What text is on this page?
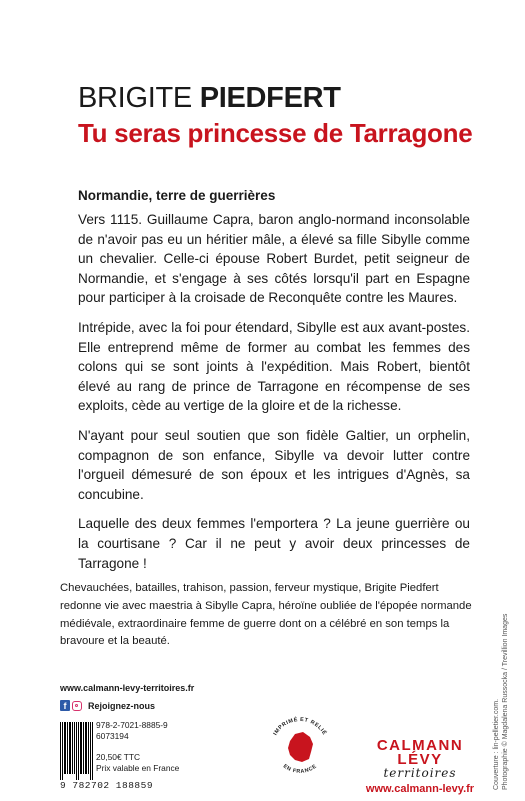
BRIGITE PIEDFERT
Tu seras princesse de Tarragone
Normandie, terre de guerrières

Vers 1115. Guillaume Capra, baron anglo-normand inconsolable de n'avoir pas eu un héritier mâle, a élevé sa fille Sibylle comme un chevalier. Celle-ci épouse Robert Burdet, petit seigneur de Normandie, et s'engage à ses côtés lorsqu'il part en Espagne pour participer à la croisade de Reconquête contre les Maures.

Intrépide, avec la foi pour étendard, Sibylle est aux avant-postes. Elle entreprend même de former au combat les femmes des colons qui se sont joints à l'expédition. Mais Robert, bientôt élevé au rang de prince de Tarragone en récompense de ses exploits, cède au vertige de la gloire et de la richesse.

N'ayant pour seul soutien que son fidèle Galtier, un orphelin, compagnon de son enfance, Sibylle va devoir lutter contre l'orgueil démesuré de son époux et les intrigues d'Agnès, sa concubine.

Laquelle des deux femmes l'emportera ? La jeune guerrière ou la courtisane ? Car il ne peut y avoir deux princesses de Tarragone !

Chevauchées, batailles, trahison, passion, ferveur mystique, Brigite Piedfert redonne vie avec maestria à Sibylle Capra, héroïne oubliée de l'épopée normande médiévale, extraordinaire femme de guerre dont on a célébré en son temps la bravoure et la beauté.
www.calmann-levy-territoires.fr
f	Rejoignez-nous
9 782702 188859
978-2-7021-8885-9
6073194
20,50€ TTC
Prix valable en France
IMPRIMÉ ET RELIÉ
EN FRANCE
CALMANN
LÉVY
territoires
www.calmann-levy.fr	Couverture : lin-pelletier.com. Photographie © Magdalena Russocka / Trevillion Images
